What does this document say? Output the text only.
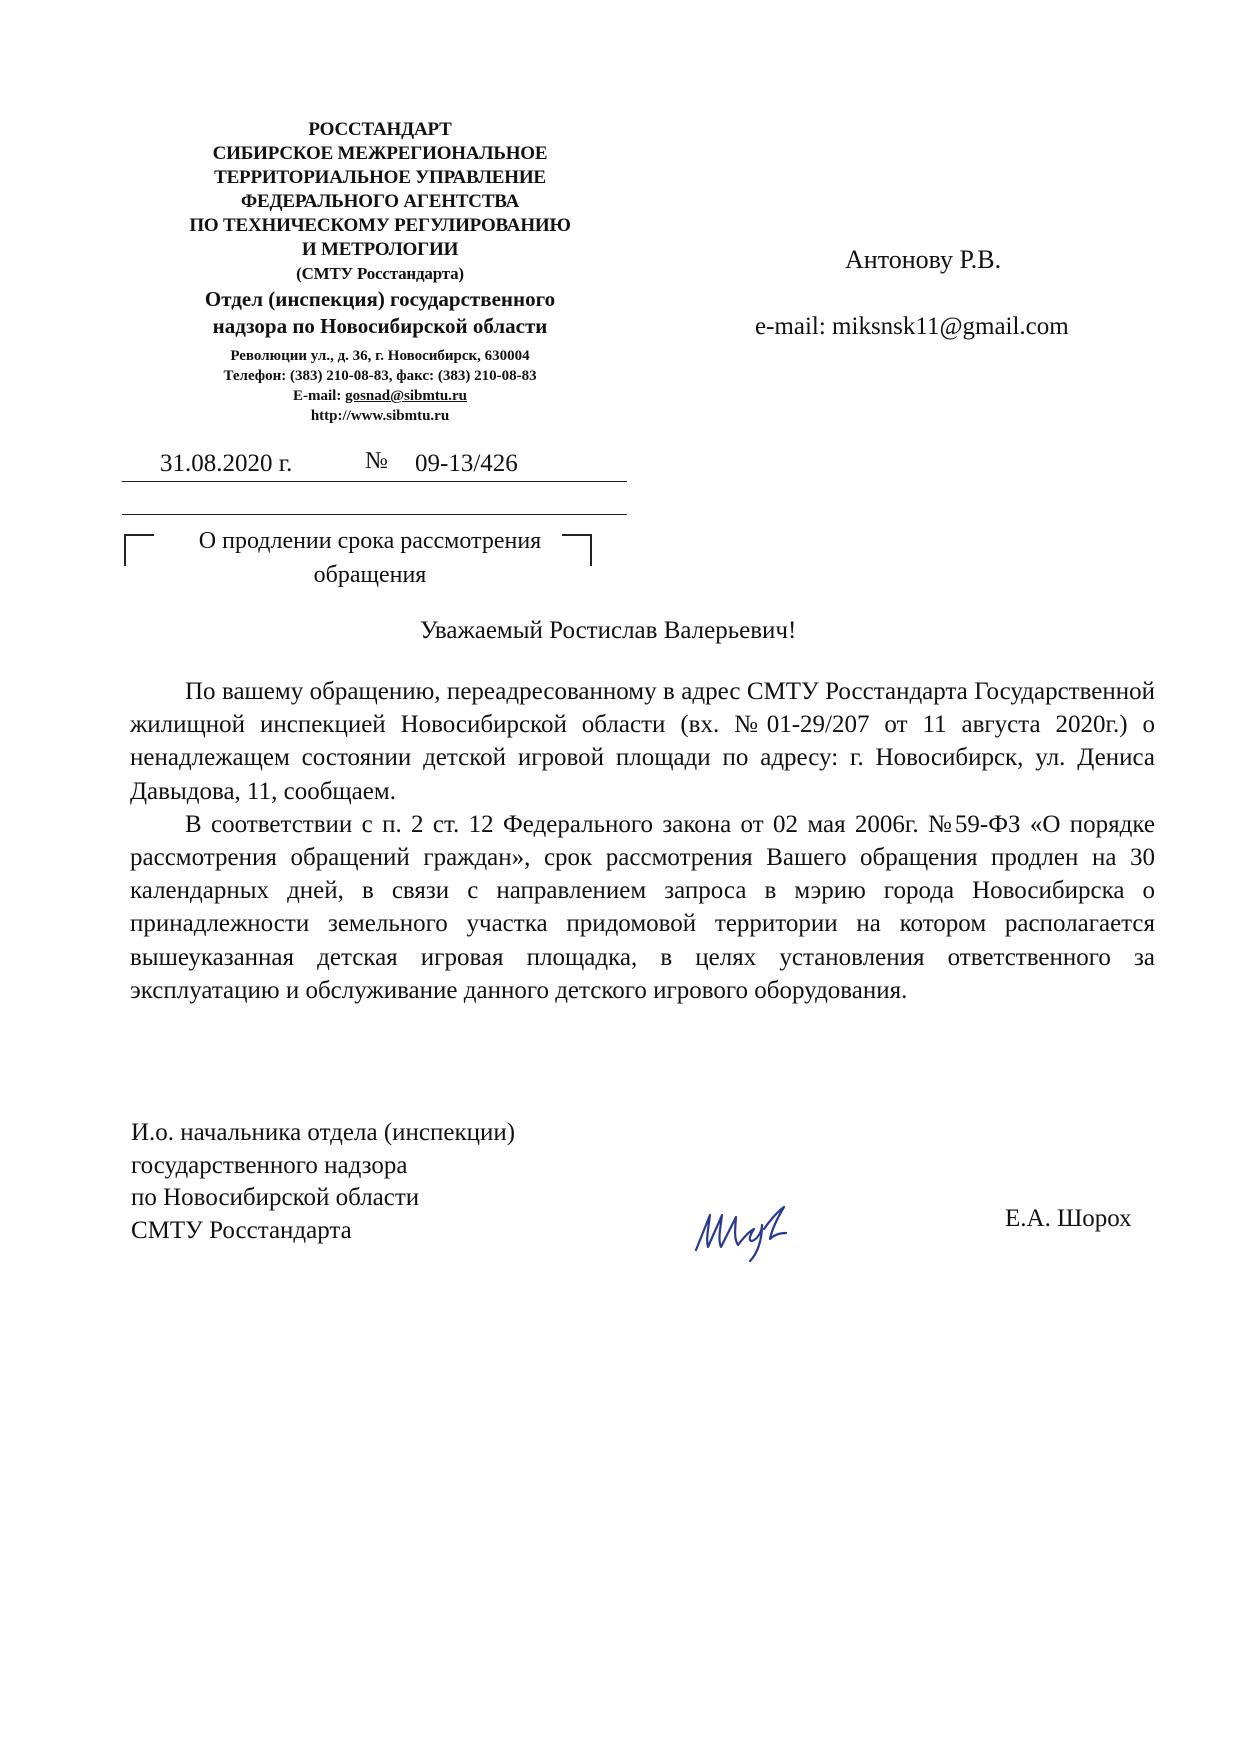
РОССТАНДАРТ
СИБИРСКОЕ МЕЖРЕГИОНАЛЬНОЕ
ТЕРРИТОРИАЛЬНОЕ УПРАВЛЕНИЕ
ФЕДЕРАЛЬНОГО АГЕНТСТВА
ПО ТЕХНИЧЕСКОМУ РЕГУЛИРОВАНИЮ
И МЕТРОЛОГИИ
(СМТУ Росстандарта)
Отдел (инспекция) государственного
надзора по Новосибирской области
Революции ул., д. 36, г. Новосибирск, 630004
Телефон: (383) 210-08-83, факс: (383) 210-08-83
E-mail: gosnad@sibmtu.ru
http://www.sibmtu.ru
31.08.2020 г.	№ 09-13/426
О продлении срока рассмотрения
обращения
Антонову Р.В.
e-mail: miksnsk11@gmail.com
Уважаемый Ростислав Валерьевич!

По вашему обращению, переадресованному в адрес СМТУ Росстандарта Государственной жилищной инспекцией Новосибирской области (вх. №01-29/207 от 11 августа 2020г.) о ненадлежащем состоянии детской игровой площади по адресу: г. Новосибирск, ул. Дениса Давыдова, 11, сообщаем.

В соответствии с п. 2 ст. 12 Федерального закона от 02 мая 2006г. №59-ФЗ «О порядке рассмотрения обращений граждан», срок рассмотрения Вашего обращения продлен на 30 календарных дней, в связи с направлением запроса в мэрию города Новосибирска о принадлежности земельного участка придомовой территории на котором располагается вышеуказанная детская игровая площадка, в целях установления ответственного за эксплуатацию и обслуживание данного детского игрового оборудования.

И.о. начальника отдела (инспекции)
государственного надзора
по Новосибирской области
СМТУ Росстандарта	Е.А. Шорох
